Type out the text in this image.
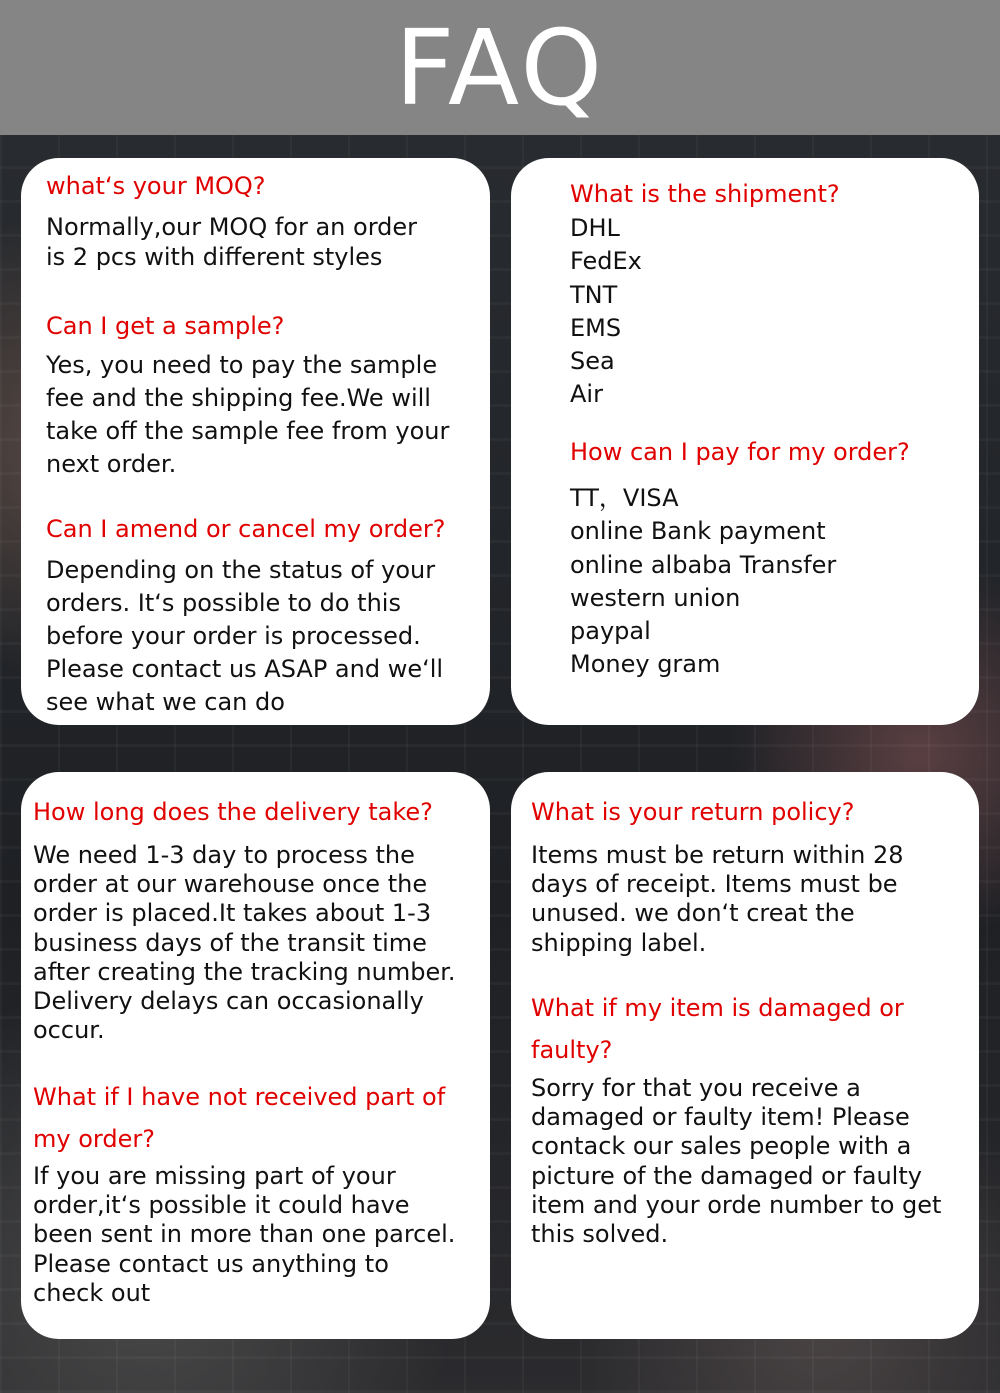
FAQ
what‘s your MOQ?

Normally,our MOQ for an order
is 2 pcs with different styles

Can I get a sample?

Yes, you need to pay the sample
fee and the shipping fee.We will
take off the sample fee from your
next order.

Can I amend or cancel my order?

Depending on the status of your
orders. It‘s possible to do this
before your order is processed.
Please contact us ASAP and we‘ll
see what we can do

What is the shipment?
DHL
FedEx
TNT
EMS
Sea
Air
How can I pay for my order?
TT，VISA
online Bank payment
online albaba Transfer
western union
paypal
Money gram
How long does the delivery take?

We need 1-3 day to process the
order at our warehouse once the
order is placed.It takes about 1-3
business days of the transit time
after creating the tracking number.
Delivery delays can occasionally
occur.

What if I have not received part of
my order?

If you are missing part of your
order,it‘s possible it could have
been sent in more than one parcel.
Please contact us anything to
check out

What is your return policy?

Items must be return within 28
days of receipt. Items must be
unused. we don‘t creat the
shipping label.

What if my item is damaged or
faulty?

Sorry for that you receive a
damaged or faulty item! Please
contack our sales people with a
picture of the damaged or faulty
item and your orde number to get
this solved.
